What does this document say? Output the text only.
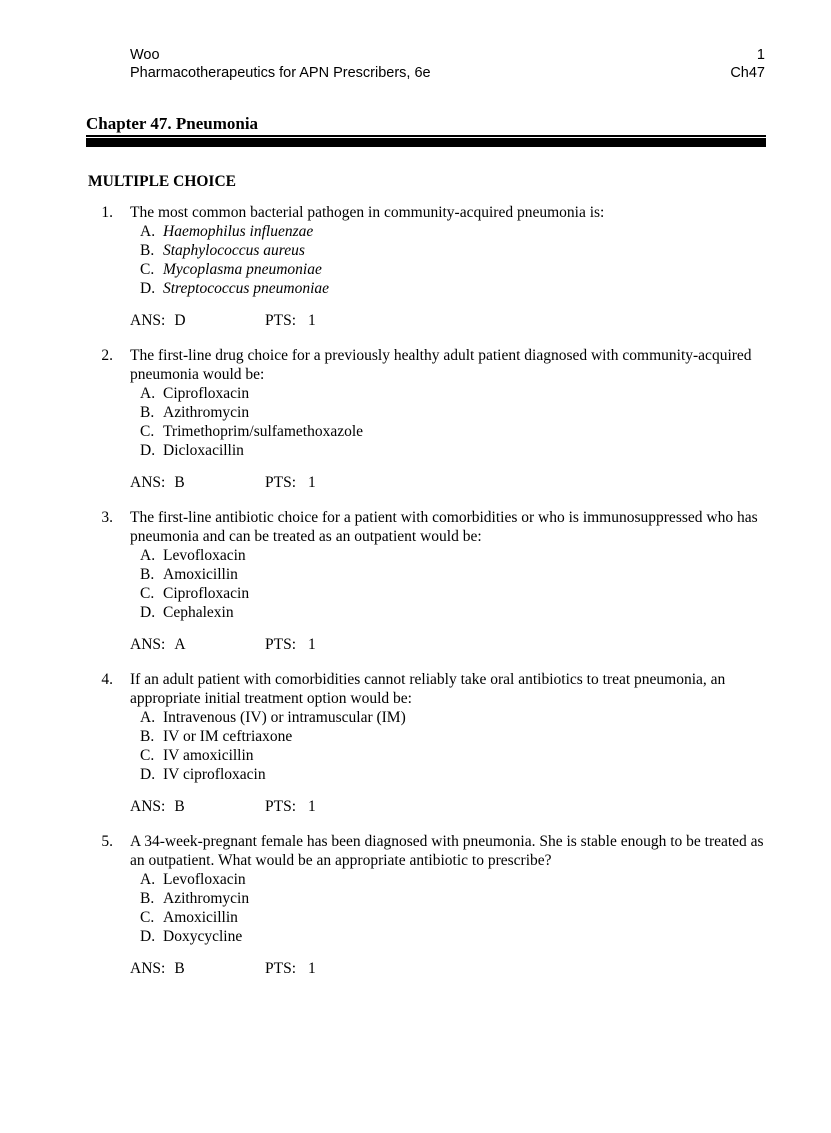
Woo
Pharmacotherapeutics for APN Prescribers, 6e
1
Ch47
Chapter 47. Pneumonia
MULTIPLE CHOICE
1. The most common bacterial pathogen in community-acquired pneumonia is:
A. Haemophilus influenzae
B. Staphylococcus aureus
C. Mycoplasma pneumoniae
D. Streptococcus pneumoniae
ANS: D	PTS: 1
2. The first-line drug choice for a previously healthy adult patient diagnosed with community-acquired pneumonia would be:
A. Ciprofloxacin
B. Azithromycin
C. Trimethoprim/sulfamethoxazole
D. Dicloxacillin
ANS: B	PTS: 1
3. The first-line antibiotic choice for a patient with comorbidities or who is immunosuppressed who has pneumonia and can be treated as an outpatient would be:
A. Levofloxacin
B. Amoxicillin
C. Ciprofloxacin
D. Cephalexin
ANS: A	PTS: 1
4. If an adult patient with comorbidities cannot reliably take oral antibiotics to treat pneumonia, an appropriate initial treatment option would be:
A. Intravenous (IV) or intramuscular (IM)
B. IV or IM ceftriaxone
C. IV amoxicillin
D. IV ciprofloxacin
ANS: B	PTS: 1
5. A 34-week-pregnant female has been diagnosed with pneumonia. She is stable enough to be treated as an outpatient. What would be an appropriate antibiotic to prescribe?
A. Levofloxacin
B. Azithromycin
C. Amoxicillin
D. Doxycycline
ANS: B	PTS: 1
